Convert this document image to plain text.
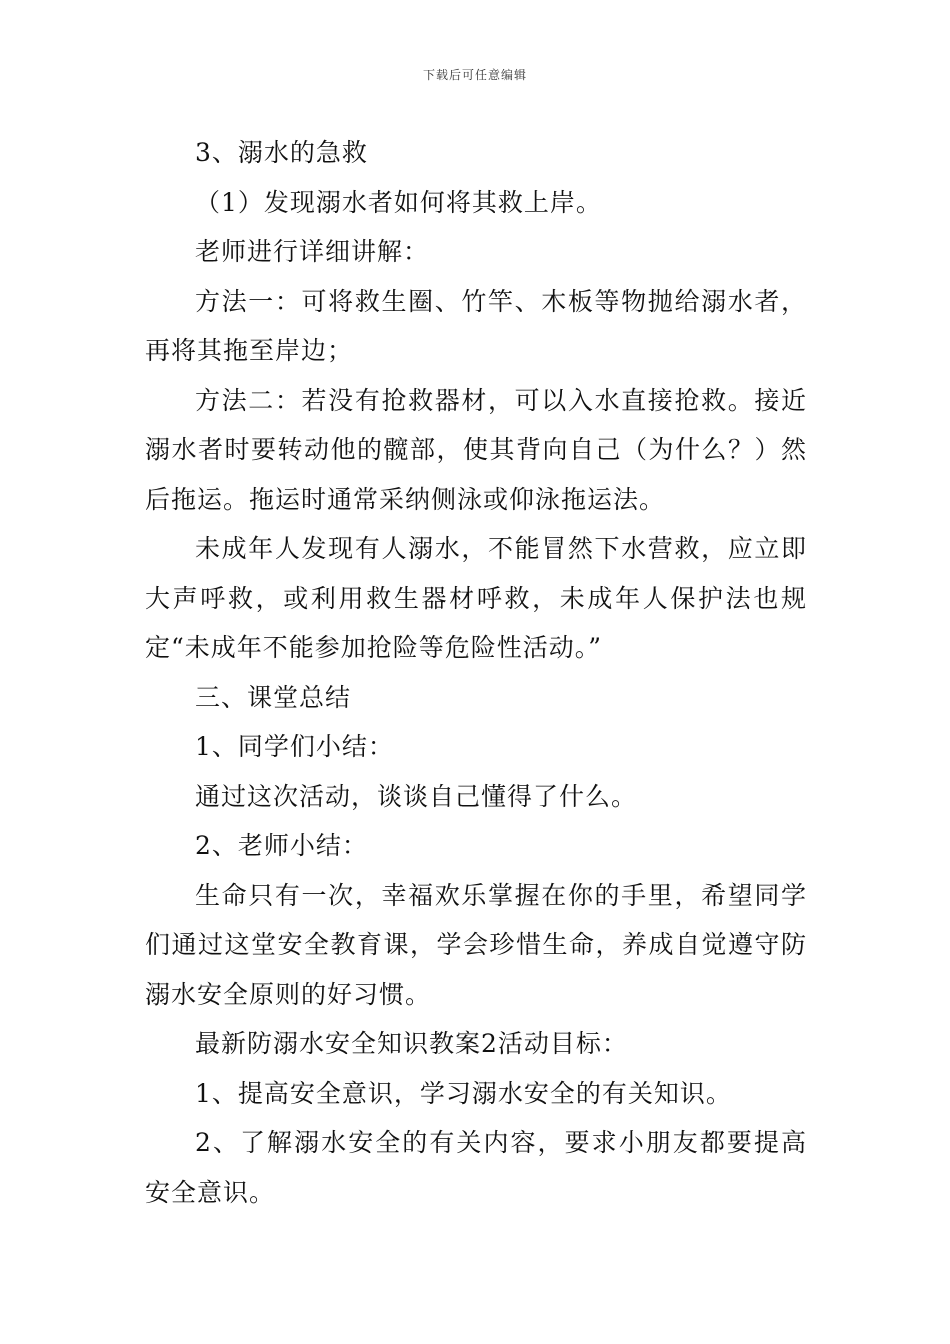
下载后可任意编辑

3、溺水的急救

（1）发现溺水者如何将其救上岸。

老师进行详细讲解：

方法一：可将救生圈、竹竿、木板等物抛给溺水者，再将其拖至岸边；

方法二：若没有抢救器材，可以入水直接抢救。接近溺水者时要转动他的髋部，使其背向自己（为什么？）然后拖运。拖运时通常采纳侧泳或仰泳拖运法。

未成年人发现有人溺水，不能冒然下水营救，应立即大声呼救，或利用救生器材呼救，未成年人保护法也规定“未成年不能参加抢险等危险性活动。”

三、课堂总结

1、同学们小结：

通过这次活动，谈谈自己懂得了什么。

2、老师小结：

生命只有一次，幸福欢乐掌握在你的手里，希望同学们通过这堂安全教育课，学会珍惜生命，养成自觉遵守防溺水安全原则的好习惯。

最新防溺水安全知识教案2活动目标：

1、提高安全意识，学习溺水安全的有关知识。

2、了解溺水安全的有关内容，要求小朋友都要提高安全意识。
